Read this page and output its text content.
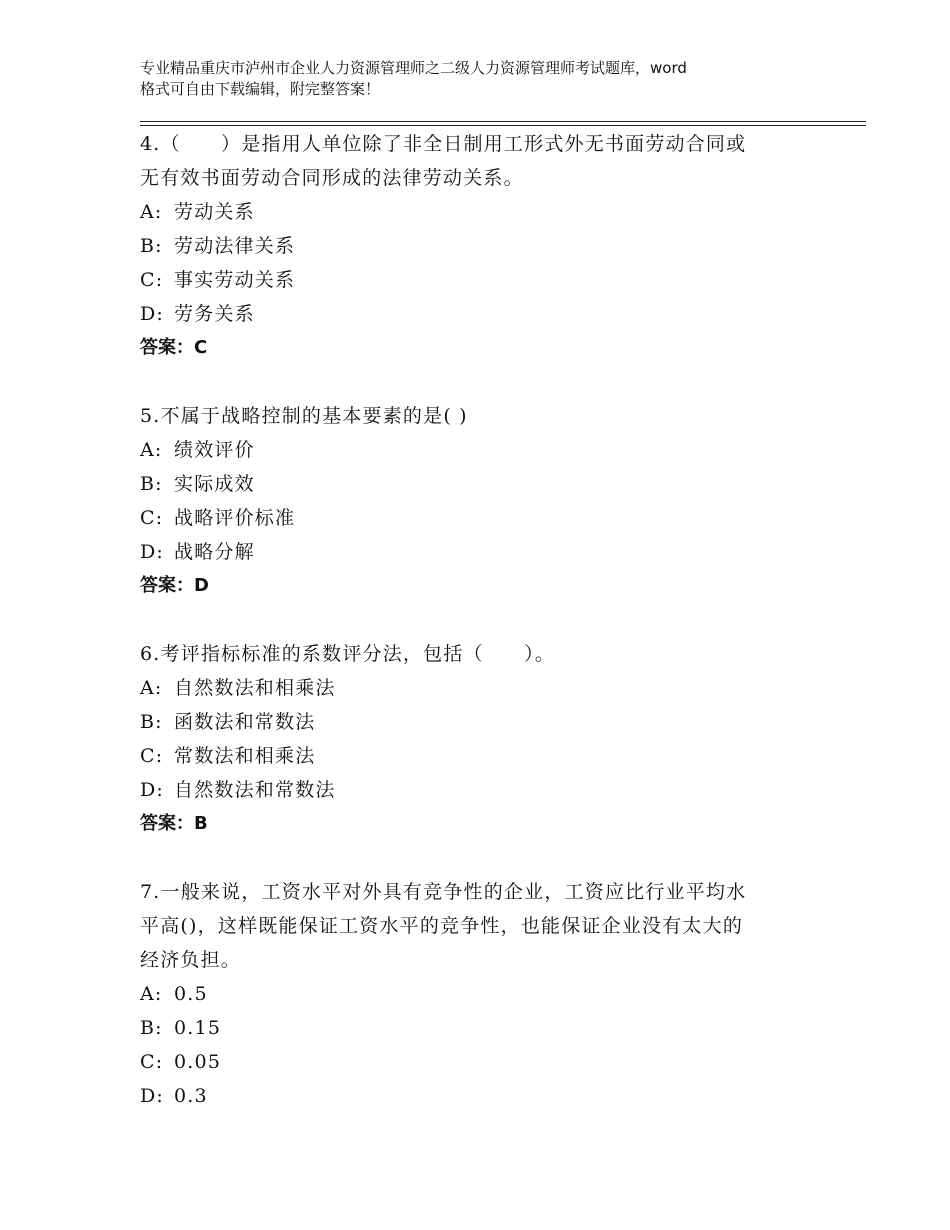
专业精品重庆市泸州市企业人力资源管理师之二级人力资源管理师考试题库，word
格式可自由下载编辑，附完整答案！

4.（　　）是指用人单位除了非全日制用工形式外无书面劳动合同或

无有效书面劳动合同形成的法律劳动关系。

A: 劳动关系

B: 劳动法律关系

C: 事实劳动关系

D: 劳务关系

答案：C

5.不属于战略控制的基本要素的是( )

A: 绩效评价

B: 实际成效

C: 战略评价标准

D: 战略分解

答案：D

6.考评指标标准的系数评分法，包括（　　）。

A: 自然数法和相乘法

B: 函数法和常数法

C: 常数法和相乘法

D: 自然数法和常数法

答案：B

7.一般来说，工资水平对外具有竞争性的企业，工资应比行业平均水

平高()，这样既能保证工资水平的竞争性，也能保证企业没有太大的

经济负担。

A: 0.5

B: 0.15

C: 0.05

D: 0.3
